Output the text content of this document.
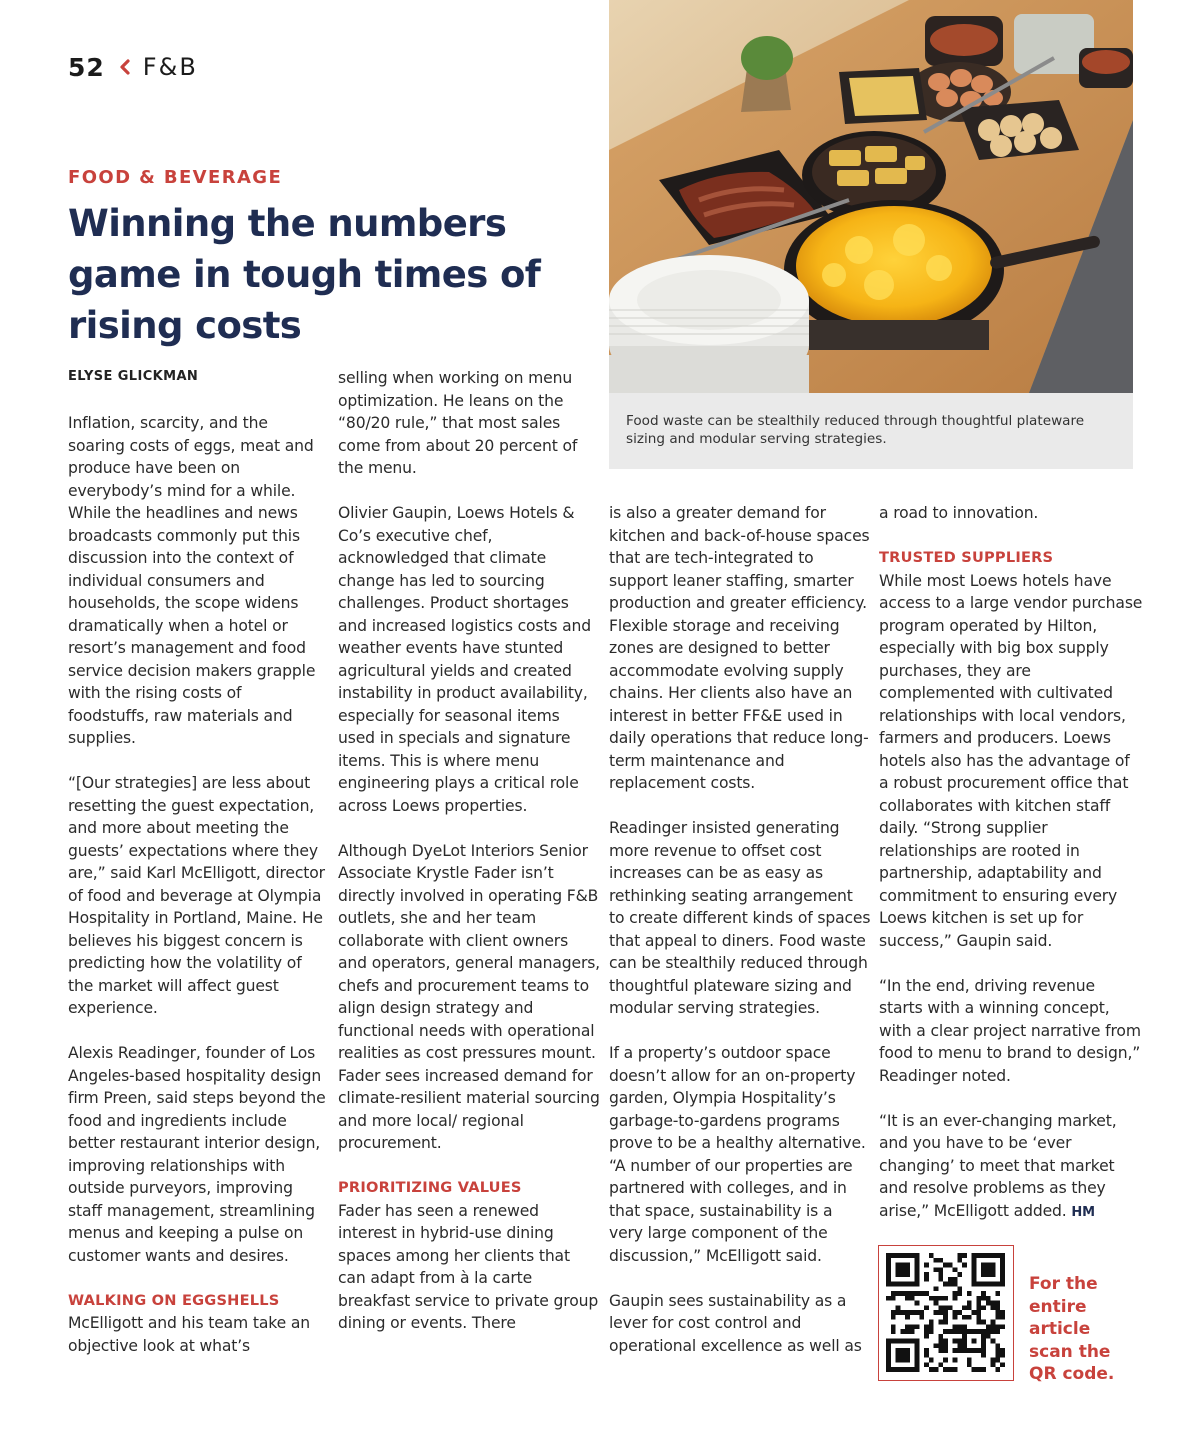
52 F&B
FOOD & BEVERAGE
Winning the numbers game in tough times of rising costs
ELYSE GLICKMAN

Food waste can be stealthily reduced through thoughtful plateware sizing and modular serving strategies.

Inflation, scarcity, and the soaring costs of eggs, meat and produce have been on everybody’s mind for a while. While the headlines and news broadcasts commonly put this discussion into the context of individual consumers and households, the scope widens dramatically when a hotel or resort’s management and food service decision makers grapple with the rising costs of foodstuffs, raw materials and supplies.

“[Our strategies] are less about resetting the guest expectation, and more about meeting the guests’ expectations where they are,” said Karl McElligott, director of food and beverage at Olympia Hospitality in Portland, Maine. He believes his biggest concern is predicting how the volatility of the market will affect guest experience.

Alexis Readinger, founder of Los Angeles-based hospitality design firm Preen, said steps beyond the food and ingredients include better restaurant interior design, improving relationships with outside purveyors, improving staff management, streamlining menus and keeping a pulse on customer wants and desires.

WALKING ON EGGSHELLS

McElligott and his team take an objective look at what’s

selling when working on menu optimization. He leans on the “80/20 rule,” that most sales come from about 20 percent of the menu.

Olivier Gaupin, Loews Hotels & Co’s executive chef, acknowledged that climate change has led to sourcing challenges. Product shortages and increased logistics costs and weather events have stunted agricultural yields and created instability in product availability, especially for seasonal items used in specials and signature items. This is where menu engineering plays a critical role across Loews properties.

Although DyeLot Interiors Senior Associate Krystle Fader isn’t directly involved in operating F&B outlets, she and her team collaborate with client owners and operators, general managers, chefs and procurement teams to align design strategy and functional needs with operational realities as cost pressures mount. Fader sees increased demand for climate-resilient material sourcing and more local/ regional procurement.

PRIORITIZING VALUES

Fader has seen a renewed interest in hybrid-use dining spaces among her clients that can adapt from à la carte breakfast service to private group dining or events. There

is also a greater demand for kitchen and back-of-house spaces that are tech-integrated to support leaner staffing, smarter production and greater efficiency. Flexible storage and receiving zones are designed to better accommodate evolving supply chains. Her clients also have an interest in better FF&E used in daily operations that reduce long-term maintenance and replacement costs.

Readinger insisted generating more revenue to offset cost increases can be as easy as rethinking seating arrangement to create different kinds of spaces that appeal to diners. Food waste can be stealthily reduced through thoughtful plateware sizing and modular serving strategies.

If a property’s outdoor space doesn’t allow for an on-property garden, Olympia Hospitality’s garbage-to-gardens programs prove to be a healthy alternative. “A number of our properties are partnered with colleges, and in that space, sustainability is a very large component of the discussion,” McElligott said.

Gaupin sees sustainability as a lever for cost control and operational excellence as well as

a road to innovation.

TRUSTED SUPPLIERS

While most Loews hotels have access to a large vendor purchase program operated by Hilton, especially with big box supply purchases, they are complemented with cultivated relationships with local vendors, farmers and producers. Loews hotels also has the advantage of a robust procurement office that collaborates with kitchen staff daily. “Strong supplier relationships are rooted in partnership, adaptability and commitment to ensuring every Loews kitchen is set up for success,” Gaupin said.

“In the end, driving revenue starts with a winning concept, with a clear project narrative from food to menu to brand to design,” Readinger noted.

“It is an ever-changing market, and you have to be ‘ever changing’ to meet that market and resolve problems as they arise,” McElligott added. HM

For the entire article scan the QR code.
